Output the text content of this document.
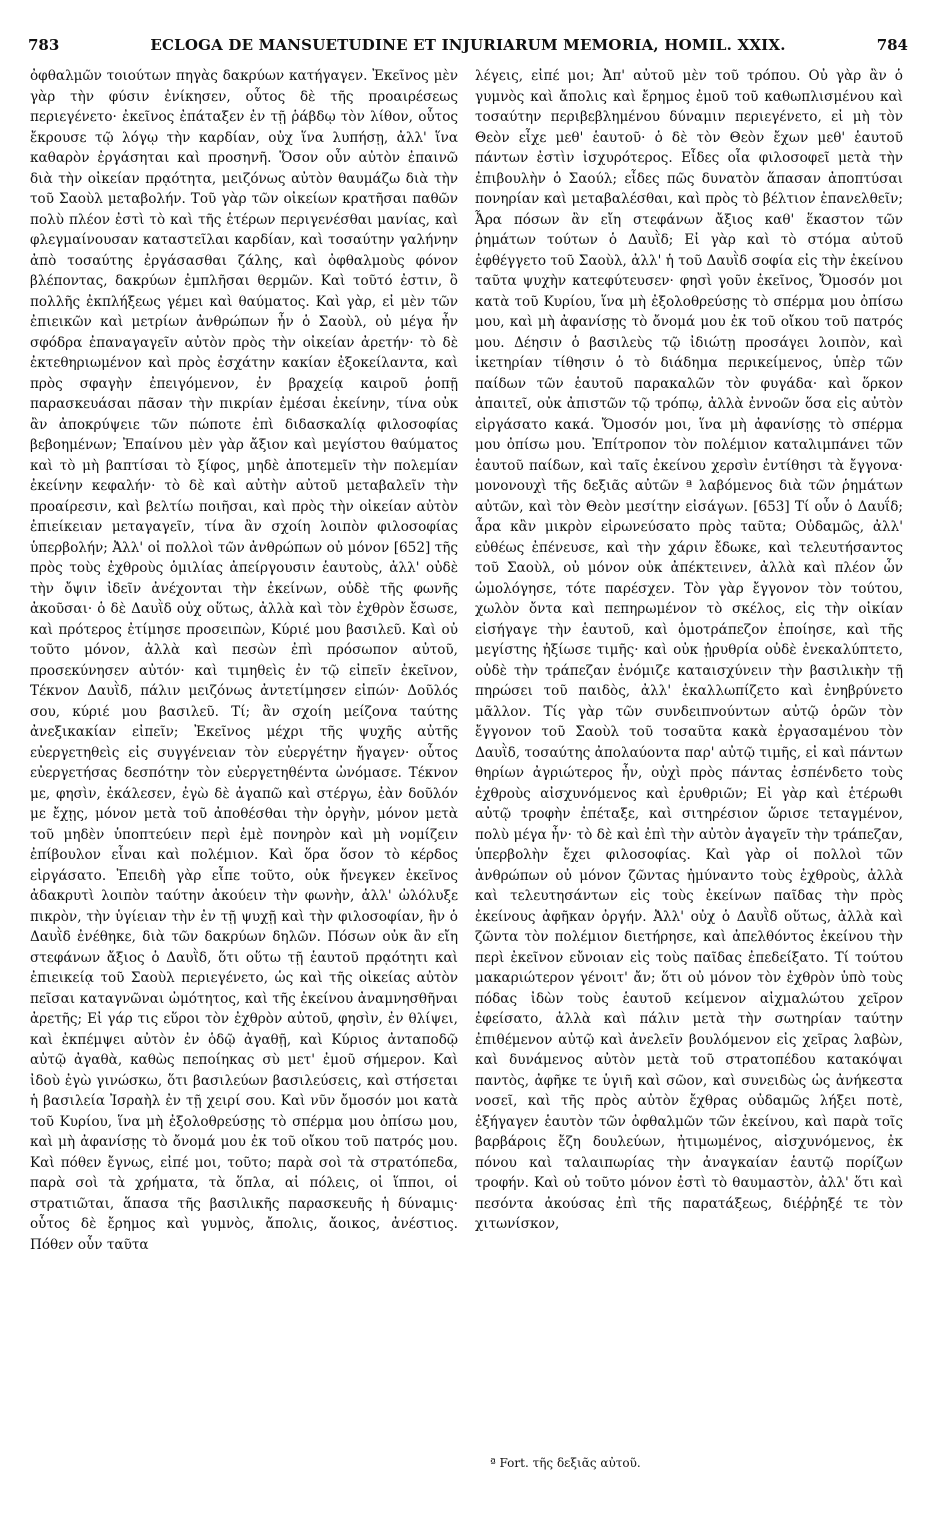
783	ECLOGA DE MANSUETUDINE ET INJURIARUM MEMORIA, HOMIL. XXIX.	784

ὀφθαλμῶν τοιούτων πηγὰς δακρύων κατήγαγεν. Ἐκεῖνος μὲν γὰρ τὴν φύσιν ἐνίκησεν, οὗτος δὲ τῆς προαιρέσεως περιεγένετο· ἐκεῖνος ἐπάταξεν ἐν τῇ ῥάβδῳ τὸν λίθον, οὗτος ἔκρουσε τῷ λόγῳ τὴν καρδίαν, οὐχ ἵνα λυπήσῃ, ἀλλ' ἵνα καθαρὸν ἐργάσηται καὶ προσηνῆ. Ὅσον οὖν αὐτὸν ἐπαινῶ διὰ τὴν οἰκείαν πρᾳότητα, μειζόνως αὐτὸν θαυμάζω διὰ τὴν τοῦ Σαοὺλ μεταβολήν. Τοῦ γὰρ τῶν οἰκείων κρατῆσαι παθῶν πολὺ πλέον ἐστὶ τὸ καὶ τῆς ἑτέρων περιγενέσθαι μανίας, καὶ φλεγμαίνουσαν καταστεῖλαι καρδίαν, καὶ τοσαύτην γαλήνην ἀπὸ τοσαύτης ἐργάσασθαι ζάλης, καὶ ὀφθαλμοὺς φόνον βλέποντας, δακρύων ἐμπλῆσαι θερμῶν. Καὶ τοῦτό ἐστιν, ὃ πολλῆς ἐκπλήξεως γέμει καὶ θαύματος. Καὶ γὰρ, εἰ μὲν τῶν ἐπιεικῶν καὶ μετρίων ἀνθρώπων ἦν ὁ Σαοὺλ, οὐ μέγα ἦν σφόδρα ἐπαναγαγεῖν αὐτὸν πρὸς τὴν οἰκείαν ἀρετήν· τὸ δὲ ἐκτεθηριωμένον καὶ πρὸς ἐσχάτην κακίαν ἐξοκείλαντα, καὶ πρὸς σφαγὴν ἐπειγόμενον, ἐν βραχείᾳ καιροῦ ῥοπῇ παρασκευάσαι πᾶσαν τὴν πικρίαν ἐμέσαι ἐκείνην, τίνα οὐκ ἂν ἀποκρύψειε τῶν πώποτε ἐπὶ διδασκαλίᾳ φιλοσοφίας βεβοημένων; Ἐπαίνου μὲν γὰρ ἄξιον καὶ μεγίστου θαύματος καὶ τὸ μὴ βαπτίσαι τὸ ξίφος, μηδὲ ἀποτεμεῖν τὴν πολεμίαν ἐκείνην κεφαλήν· τὸ δὲ καὶ αὐτὴν αὐτοῦ μεταβαλεῖν τὴν προαίρεσιν, καὶ βελτίω ποιῆσαι, καὶ πρὸς τὴν οἰκείαν αὐτὸν ἐπιείκειαν μεταγαγεῖν, τίνα ἂν σχοίη λοιπὸν φιλοσοφίας ὑπερβολήν; Ἀλλ' οἱ πολλοὶ τῶν ἀνθρώπων οὐ μόνον [652] τῆς πρὸς τοὺς ἐχθροὺς ὁμιλίας ἀπείργουσιν ἑαυτοὺς, ἀλλ' οὐδὲ τὴν ὄψιν ἰδεῖν ἀνέχονται τὴν ἐκείνων, οὐδὲ τῆς φωνῆς ἀκοῦσαι· ὁ δὲ Δαυῒδ οὐχ οὕτως, ἀλλὰ καὶ τὸν ἐχθρὸν ἔσωσε, καὶ πρότερος ἐτίμησε προσειπὼν, Κύριέ μου βασιλεῦ. Καὶ οὐ τοῦτο μόνον, ἀλλὰ καὶ πεσὼν ἐπὶ πρόσωπον αὐτοῦ, προσεκύνησεν αὐτόν· καὶ τιμηθεὶς ἐν τῷ εἰπεῖν ἐκεῖνον, Τέκνον Δαυῒδ, πάλιν μειζόνως ἀντετίμησεν εἰπών· Δοῦλός σου, κύριέ μου βασιλεῦ. Τί; ἂν σχοίη μείζονα ταύτης ἀνεξικακίαν εἰπεῖν; Ἐκεῖνος μέχρι τῆς ψυχῆς αὐτῆς εὐεργετηθεὶς εἰς συγγένειαν τὸν εὐεργέτην ἤγαγεν· οὗτος εὐεργετήσας δεσπότην τὸν εὐεργετηθέντα ὠνόμασε. Τέκνον με, φησὶν, ἐκάλεσεν, ἐγὼ δὲ ἀγαπῶ καὶ στέργω, ἐὰν δοῦλόν με ἔχῃς, μόνον μετὰ τοῦ ἀποθέσθαι τὴν ὀργὴν, μόνον μετὰ τοῦ μηδὲν ὑποπτεύειν περὶ ἐμὲ πονηρὸν καὶ μὴ νομίζειν ἐπίβουλον εἶναι καὶ πολέμιον. Καὶ ὅρα ὅσον τὸ κέρδος εἰργάσατο. Ἐπειδὴ γὰρ εἶπε τοῦτο, οὐκ ἤνεγκεν ἐκεῖνος ἀδακρυτὶ λοιπὸν ταύτην ἀκούειν τὴν φωνὴν, ἀλλ' ὠλόλυξε πικρὸν, τὴν ὑγίειαν τὴν ἐν τῇ ψυχῇ καὶ τὴν φιλοσοφίαν, ἣν ὁ Δαυῒδ ἐνέθηκε, διὰ τῶν δακρύων δηλῶν. Πόσων οὐκ ἂν εἴη στεφάνων ἄξιος ὁ Δαυῒδ, ὅτι οὕτω τῇ ἑαυτοῦ πρᾳότητι καὶ ἐπιεικείᾳ τοῦ Σαοὺλ περιεγένετο, ὡς καὶ τῆς οἰκείας αὐτὸν πεῖσαι καταγνῶναι ὠμότητος, καὶ τῆς ἐκείνου ἀναμνησθῆναι ἀρετῆς; Εἰ γάρ τις εὕροι τὸν ἐχθρὸν αὐτοῦ, φησὶν, ἐν θλίψει, καὶ ἐκπέμψει αὐτὸν ἐν ὁδῷ ἀγαθῇ, καὶ Κύριος ἀνταποδῷ αὐτῷ ἀγαθὰ, καθὼς πεποίηκας σὺ μετ' ἐμοῦ σήμερον. Καὶ ἰδοὺ ἐγὼ γινώσκω, ὅτι βασιλεύων βασιλεύσεις, καὶ στήσεται ἡ βασιλεία Ἰσραὴλ ἐν τῇ χειρί σου. Καὶ νῦν ὄμοσόν μοι κατὰ τοῦ Κυρίου, ἵνα μὴ ἐξολοθρεύσῃς τὸ σπέρμα μου ὀπίσω μου, καὶ μὴ ἀφανίσῃς τὸ ὄνομά μου ἐκ τοῦ οἴκου τοῦ πατρός μου. Καὶ πόθεν ἔγνως, εἰπέ μοι, τοῦτο; παρὰ σοὶ τὰ στρατόπεδα, παρὰ σοὶ τὰ χρήματα, τὰ ὅπλα, αἱ πόλεις, οἱ ἵπποι, οἱ στρατιῶται, ἅπασα τῆς βασιλικῆς παρασκευῆς ἡ δύναμις· οὗτος δὲ ἔρημος καὶ γυμνὸς, ἄπολις, ἄοικος, ἀνέστιος. Πόθεν οὖν ταῦτα

λέγεις, εἰπέ μοι; Ἀπ' αὐτοῦ μὲν τοῦ τρόπου. Οὐ γὰρ ἂν ὁ γυμνὸς καὶ ἄπολις καὶ ἔρημος ἐμοῦ τοῦ καθωπλισμένου καὶ τοσαύτην περιβεβλημένου δύναμιν περιεγένετο, εἰ μὴ τὸν Θεὸν εἶχε μεθ' ἑαυτοῦ· ὁ δὲ τὸν Θεὸν ἔχων μεθ' ἑαυτοῦ πάντων ἐστὶν ἰσχυρότερος. Εἶδες οἷα φιλοσοφεῖ μετὰ τὴν ἐπιβουλὴν ὁ Σαούλ; εἶδες πῶς δυνατὸν ἅπασαν ἀποπτύσαι πονηρίαν καὶ μεταβαλέσθαι, καὶ πρὸς τὸ βέλτιον ἐπανελθεῖν; Ἆρα πόσων ἂν εἴη στεφάνων ἄξιος καθ' ἕκαστον τῶν ῥημάτων τούτων ὁ Δαυῒδ; Εἰ γὰρ καὶ τὸ στόμα αὐτοῦ ἐφθέγγετο τοῦ Σαοὺλ, ἀλλ' ἡ τοῦ Δαυῒδ σοφία εἰς τὴν ἐκείνου ταῦτα ψυχὴν κατεφύτευσεν· φησὶ γοῦν ἐκεῖνος, Ὄμοσόν μοι κατὰ τοῦ Κυρίου, ἵνα μὴ ἐξολοθρεύσῃς τὸ σπέρμα μου ὀπίσω μου, καὶ μὴ ἀφανίσῃς τὸ ὄνομά μου ἐκ τοῦ οἴκου τοῦ πατρός μου. Δέησιν ὁ βασιλεὺς τῷ ἰδιώτῃ προσάγει λοιπὸν, καὶ ἱκετηρίαν τίθησιν ὁ τὸ διάδημα περικείμενος, ὑπὲρ τῶν παίδων τῶν ἑαυτοῦ παρακαλῶν τὸν φυγάδα· καὶ ὅρκον ἀπαιτεῖ, οὐκ ἀπιστῶν τῷ τρόπῳ, ἀλλὰ ἐννοῶν ὅσα εἰς αὐτὸν εἰργάσατο κακά. Ὄμοσόν μοι, ἵνα μὴ ἀφανίσῃς τὸ σπέρμα μου ὀπίσω μου. Ἐπίτροπον τὸν πολέμιον καταλιμπάνει τῶν ἑαυτοῦ παίδων, καὶ ταῖς ἐκείνου χερσὶν ἐντίθησι τὰ ἔγγονα· μονονουχὶ τῆς δεξιᾶς αὐτῶν ª λαβόμενος διὰ τῶν ῥημάτων αὐτῶν, καὶ τὸν Θεὸν μεσίτην εἰσάγων. [653] Τί οὖν ὁ Δαυΐδ; ἆρα κἂν μικρὸν εἰρωνεύσατο πρὸς ταῦτα; Οὐδαμῶς, ἀλλ' εὐθέως ἐπένευσε, καὶ τὴν χάριν ἔδωκε, καὶ τελευτήσαντος τοῦ Σαοὺλ, οὐ μόνον οὐκ ἀπέκτεινεν, ἀλλὰ καὶ πλέον ὧν ὡμολόγησε, τότε παρέσχεν. Τὸν γὰρ ἔγγονον τὸν τούτου, χωλὸν ὄντα καὶ πεπηρωμένον τὸ σκέλος, εἰς τὴν οἰκίαν εἰσήγαγε τὴν ἑαυτοῦ, καὶ ὁμοτράπεζον ἐποίησε, καὶ τῆς μεγίστης ἠξίωσε τιμῆς· καὶ οὐκ ᾐρυθρία οὐδὲ ἐνεκαλύπτετο, οὐδὲ τὴν τράπεζαν ἐνόμιζε καταισχύνειν τὴν βασιλικὴν τῇ πηρώσει τοῦ παιδὸς, ἀλλ' ἐκαλλωπίζετο καὶ ἐνηβρύνετο μᾶλλον. Τίς γὰρ τῶν συνδειπνούντων αὐτῷ ὁρῶν τὸν ἔγγονον τοῦ Σαοὺλ τοῦ τοσαῦτα κακὰ ἐργασαμένου τὸν Δαυῒδ, τοσαύτης ἀπολαύοντα παρ' αὐτῷ τιμῆς, εἰ καὶ πάντων θηρίων ἀγριώτερος ἦν, οὐχὶ πρὸς πάντας ἐσπένδετο τοὺς ἐχθροὺς αἰσχυνόμενος καὶ ἐρυθριῶν; Εἰ γὰρ καὶ ἑτέρωθι αὐτῷ τροφὴν ἐπέταξε, καὶ σιτηρέσιον ὥρισε τεταγμένον, πολὺ μέγα ἦν· τὸ δὲ καὶ ἐπὶ τὴν αὐτὸν ἀγαγεῖν τὴν τράπεζαν, ὑπερβολὴν ἔχει φιλοσοφίας. Καὶ γὰρ οἱ πολλοὶ τῶν ἀνθρώπων οὐ μόνον ζῶντας ἠμύναντο τοὺς ἐχθροὺς, ἀλλὰ καὶ τελευτησάντων εἰς τοὺς ἐκείνων παῖδας τὴν πρὸς ἐκείνους ἀφῆκαν ὀργήν. Ἀλλ' οὐχ ὁ Δαυῒδ οὕτως, ἀλλὰ καὶ ζῶντα τὸν πολέμιον διετήρησε, καὶ ἀπελθόντος ἐκείνου τὴν περὶ ἐκεῖνον εὔνοιαν εἰς τοὺς παῖδας ἐπεδείξατο. Τί τούτου μακαριώτερον γένοιτ' ἄν; ὅτι οὐ μόνον τὸν ἐχθρὸν ὑπὸ τοὺς πόδας ἰδὼν τοὺς ἑαυτοῦ κείμενον αἰχμαλώτου χεῖρον ἐφείσατο, ἀλλὰ καὶ πάλιν μετὰ τὴν σωτηρίαν ταύτην ἐπιθέμενον αὐτῷ καὶ ἀνελεῖν βουλόμενον εἰς χεῖρας λαβὼν, καὶ δυνάμενος αὐτὸν μετὰ τοῦ στρατοπέδου κατακόψαι παντὸς, ἀφῆκε τε ὑγιῆ καὶ σῶον, καὶ συνειδὼς ὡς ἀνήκεστα νοσεῖ, καὶ τῆς πρὸς αὐτὸν ἔχθρας οὐδαμῶς λήξει ποτὲ, ἐξήγαγεν ἑαυτὸν τῶν ὀφθαλμῶν τῶν ἐκείνου, καὶ παρὰ τοῖς βαρβάροις ἔζη δουλεύων, ἠτιμωμένος, αἰσχυνόμενος, ἐκ πόνου καὶ ταλαιπωρίας τὴν ἀναγκαίαν ἑαυτῷ πορίζων τροφήν. Καὶ οὐ τοῦτο μόνον ἐστὶ τὸ θαυμαστὸν, ἀλλ' ὅτι καὶ πεσόντα ἀκούσας ἐπὶ τῆς παρατάξεως, διέῤῥηξέ τε τὸν χιτωνίσκον,

ª Fort. τῆς δεξιᾶς αὐτοῦ.
